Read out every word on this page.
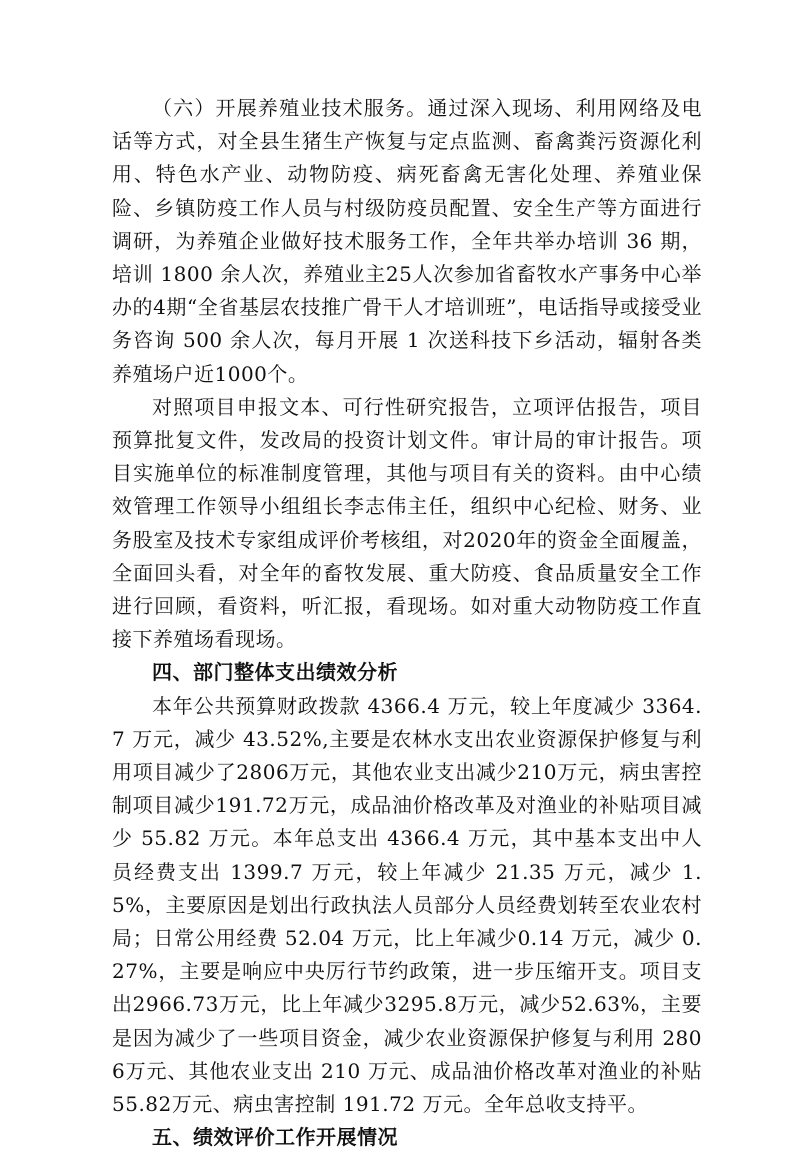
（六）开展养殖业技术服务。通过深入现场、利用网络及电话等方式，对全县生猪生产恢复与定点监测、畜禽粪污资源化利用、特色水产业、动物防疫、病死畜禽无害化处理、养殖业保险、乡镇防疫工作人员与村级防疫员配置、安全生产等方面进行调研，为养殖企业做好技术服务工作，全年共举办培训 36 期，培训 1800 余人次，养殖业主25人次参加省畜牧水产事务中心举办的4期“全省基层农技推广骨干人才培训班”，电话指导或接受业务咨询 500 余人次，每月开展 1 次送科技下乡活动，辐射各类养殖场户近1000个。

对照项目申报文本、可行性研究报告，立项评估报告，项目预算批复文件，发改局的投资计划文件。审计局的审计报告。项目实施单位的标准制度管理，其他与项目有关的资料。由中心绩效管理工作领导小组组长李志伟主任，组织中心纪检、财务、业务股室及技术专家组成评价考核组，对2020年的资金全面履盖，全面回头看，对全年的畜牧发展、重大防疫、食品质量安全工作进行回顾，看资料，听汇报，看现场。如对重大动物防疫工作直接下养殖场看现场。

四、部门整体支出绩效分析

本年公共预算财政拨款 4366.4 万元，较上年度减少 3364.7 万元，减少 43.52%,主要是农林水支出农业资源保护修复与利用项目减少了2806万元，其他农业支出减少210万元，病虫害控制项目减少191.72万元，成品油价格改革及对渔业的补贴项目减少 55.82 万元。本年总支出 4366.4 万元，其中基本支出中人员经费支出 1399.7 万元，较上年减少 21.35 万元，减少 1.5%，主要原因是划出行政执法人员部分人员经费划转至农业农村局；日常公用经费 52.04 万元，比上年减少0.14 万元，减少 0.27%，主要是响应中央厉行节约政策，进一步压缩开支。项目支出2966.73万元，比上年减少3295.8万元，减少52.63%，主要是因为减少了一些项目资金，减少农业资源保护修复与利用 2806万元、其他农业支出 210 万元、成品油价格改革对渔业的补贴 55.82万元、病虫害控制 191.72 万元。全年总收支持平。

五、绩效评价工作开展情况
